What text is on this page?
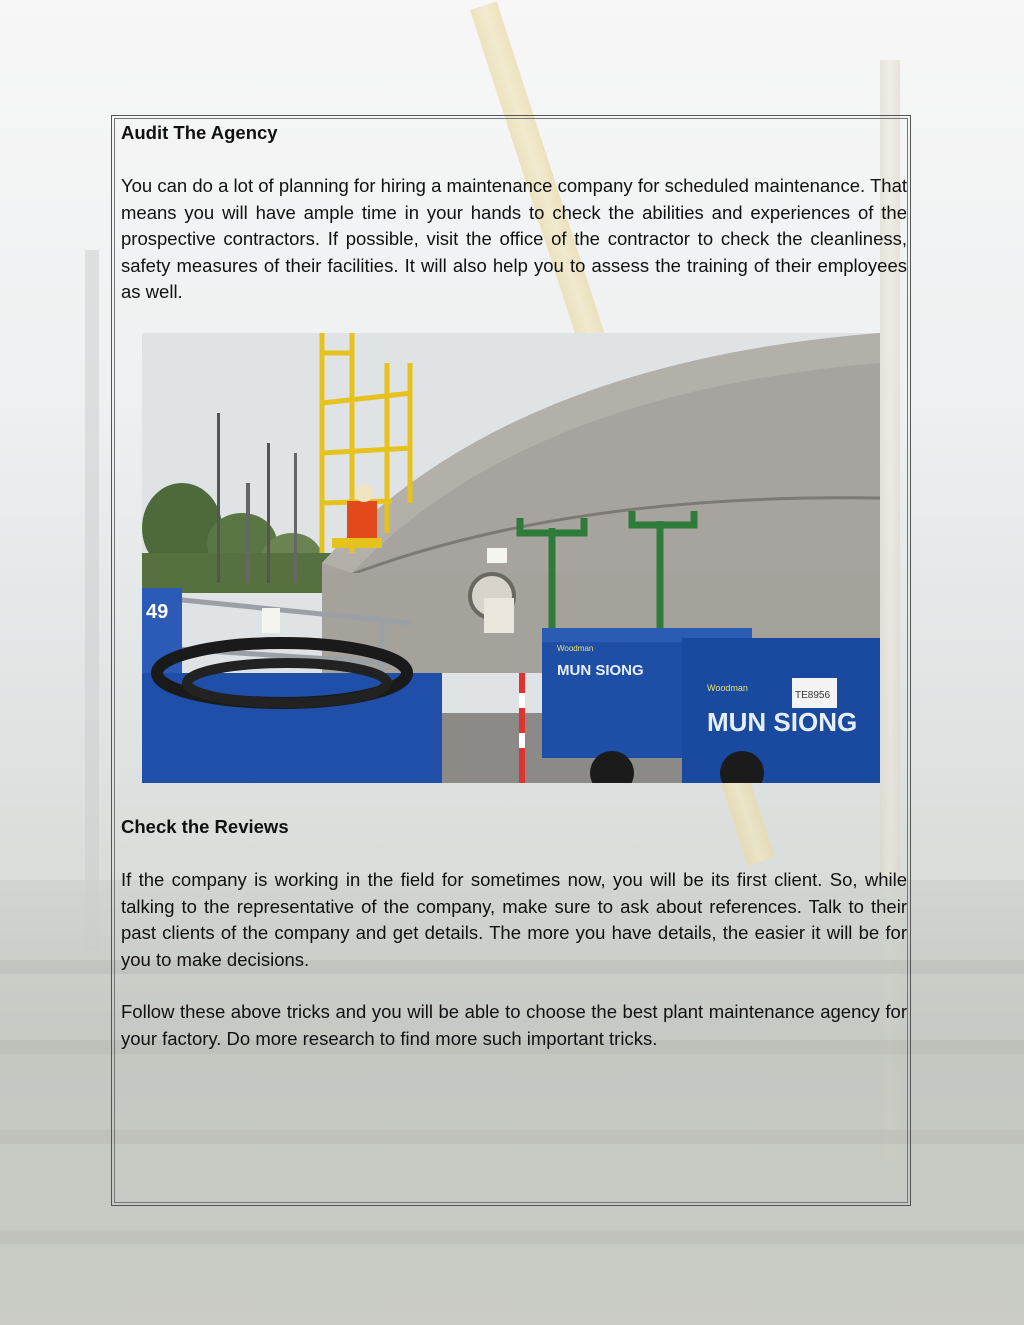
Audit The Agency

You can do a lot of planning for hiring a maintenance company for scheduled maintenance. That means you will have ample time in your hands to check the abilities and experiences of the prospective contractors. If possible, visit the office of the contractor to check the cleanliness, safety measures of their facilities. It will also help you to assess the training of their employees as well.

49
MUN SIONG
Woodman
TE8956
Woodman
MUN SIONG
Check the Reviews

If the company is working in the field for sometimes now, you will be its first client. So, while talking to the representative of the company, make sure to ask about references. Talk to their past clients of the company and get details. The more you have details, the easier it will be for you to make decisions.

Follow these above tricks and you will be able to choose the best plant maintenance agency for your factory. Do more research to find more such important tricks.
